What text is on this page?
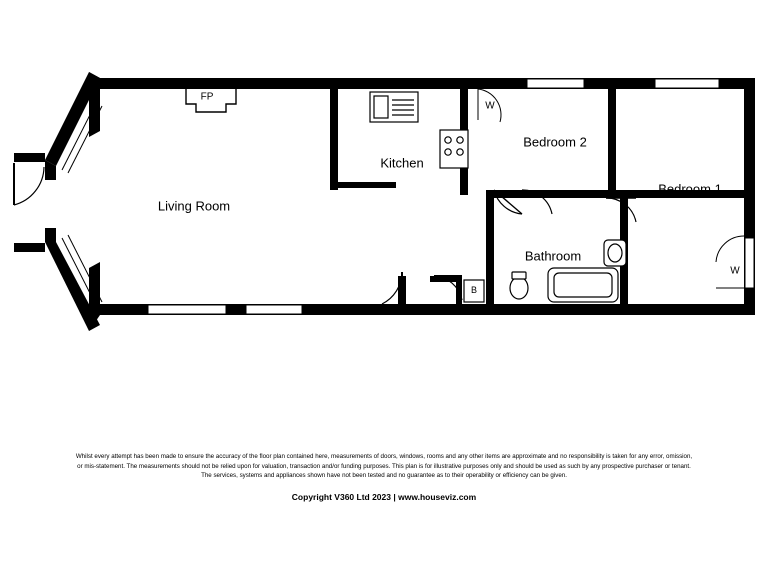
Living Room
Kitchen
Bedroom 2
Bedroom 1
Bathroom
FP
W
W
B
Whilst every attempt has been made to ensure the accuracy of the floor plan contained here, measurements of doors, windows, rooms and any other items are approximate and no responsibility is taken for any error, omission,
or mis-statement. The measurements should not be relied upon for valuation, transaction and/or funding purposes. This plan is for illustrative purposes only and should be used as such by any prospective purchaser or tenant.
The services, systems and appliances shown have not been tested and no guarantee as to their operability or efficiency can be given.
Copyright V360 Ltd 2023 | www.houseviz.com
